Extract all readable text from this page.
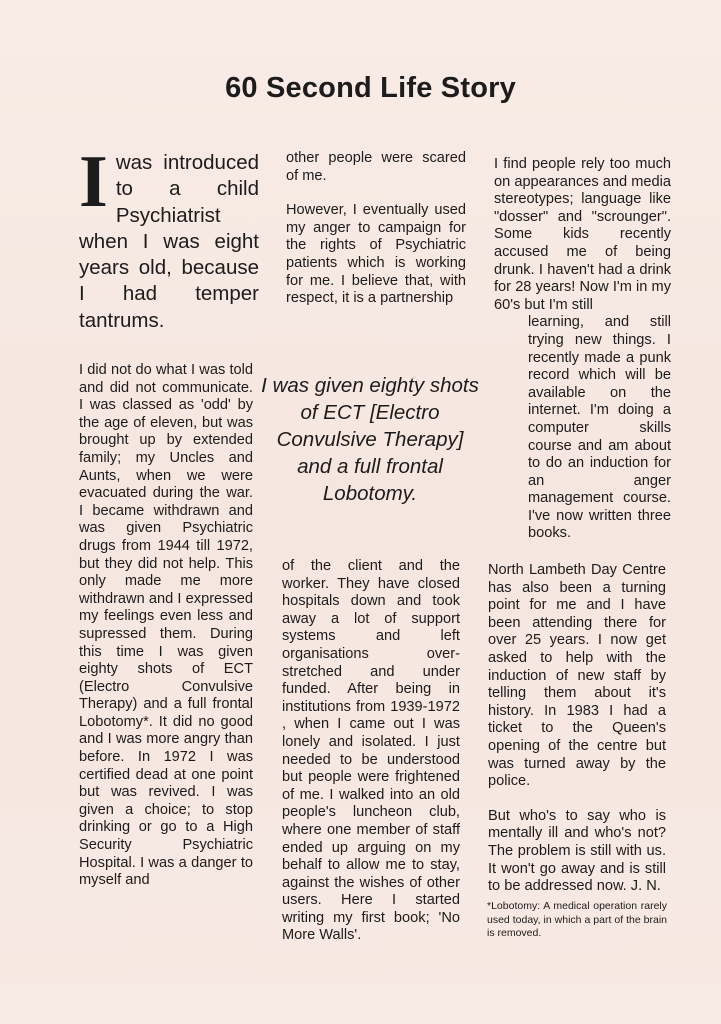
60 Second Life Story
Iwas introduced to a child Psychiatrist when I was eight years old, because I had temper tantrums.

I did not do what I was told and did not communicate. I was classed as 'odd' by the age of eleven, but was brought up by extended family; my Uncles and Aunts, when we were evacuated during the war. I became withdrawn and was given Psychiatric drugs from 1944 till 1972, but they did not help. This only made me more withdrawn and I expressed my feelings even less and supressed them. During this time I was given eighty shots of ECT (Electro Convulsive Therapy) and a full frontal Lobotomy*. It did no good and I was more angry than before. In 1972 I was certified dead at one point but was revived. I was given a choice; to stop drinking or go to a High Security Psychiatric Hospital. I was a danger to myself and

other people were scared of me.

However, I eventually used my anger to campaign for the rights of Psychiatric patients which is working for me. I believe that, with respect, it is a partnership

I was given eighty shots of ECT [Electro Convulsive Therapy] and a full frontal Lobotomy.

of the client and the worker. They have closed hospitals down and took away a lot of support systems and left organisations over-stretched and under funded. After being in institutions from 1939-1972 , when I came out I was lonely and isolated. I just needed to be understood but people were frightened of me. I walked into an old people's luncheon club, where one member of staff ended up arguing on my behalf to allow me to stay, against the wishes of other users. Here I started writing my first book; 'No More Walls'.

I find people rely too much on appearances and media stereotypes; language like "dosser" and "scrounger". Some kids recently accused me of being drunk. I haven't had a drink for 28 years! Now I'm in my 60's but I'm still

learning, and still trying new things. I recently made a punk record which will be available on the internet. I'm doing a computer skills course and am about to do an induction for an anger management course. I've now written three books.

North Lambeth Day Centre has also been a turning point for me and I have been attending there for over 25 years. I now get asked to help with the induction of new staff by telling them about it's history. In 1983 I had a ticket to the Queen's opening of the centre but was turned away by the police.

But who's to say who is mentally ill and who's not? The problem is still with us. It won't go away and is still to be addressed now. J. N.

*Lobotomy: A medical operation rarely used today, in which a part of the brain is removed.
